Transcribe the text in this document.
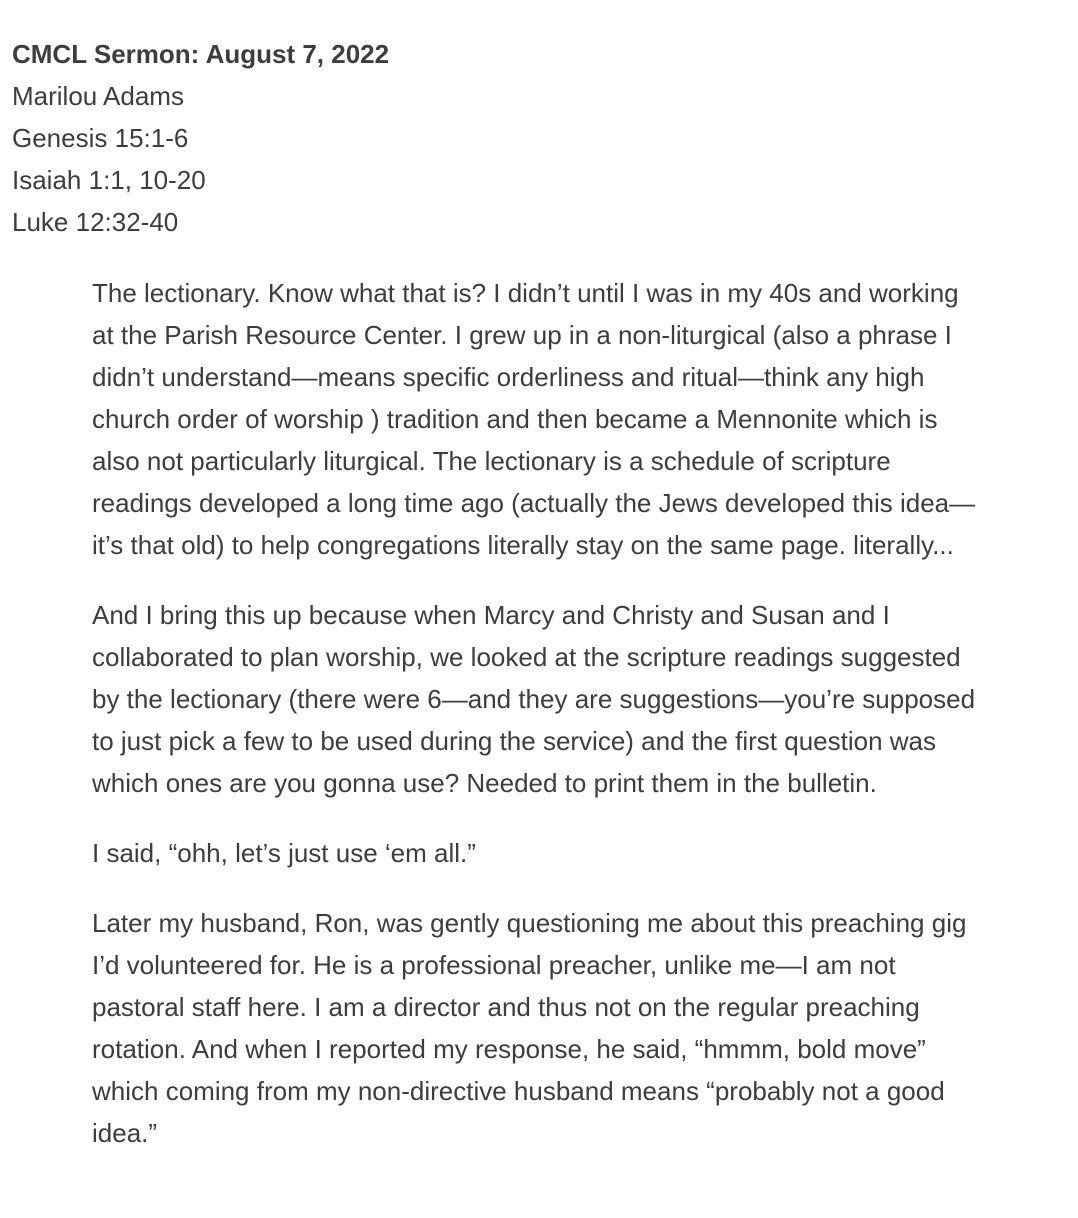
CMCL Sermon: August 7, 2022
Marilou Adams
Genesis 15:1-6
Isaiah 1:1, 10-20
Luke 12:32-40

The lectionary. Know what that is? I didn’t until I was in my 40s and working
at the Parish Resource Center. I grew up in a non-liturgical (also a phrase I
didn’t understand—means specific orderliness and ritual—think any high
church order of worship ) tradition and then became a Mennonite which is
also not particularly liturgical. The lectionary is a schedule of scripture
readings developed a long time ago (actually the Jews developed this idea—
it’s that old) to help congregations literally stay on the same page. literally...

And I bring this up because when Marcy and Christy and Susan and I
collaborated to plan worship, we looked at the scripture readings suggested
by the lectionary (there were 6—and they are suggestions—you’re supposed
to just pick a few to be used during the service) and the first question was
which ones are you gonna use? Needed to print them in the bulletin.

I said, “ohh, let’s just use ‘em all.”

Later my husband, Ron, was gently questioning me about this preaching gig
I’d volunteered for. He is a professional preacher, unlike me—I am not
pastoral staff here. I am a director and thus not on the regular preaching
rotation. And when I reported my response, he said, “hmmm, bold move”
which coming from my non-directive husband means “probably not a good
idea.”
